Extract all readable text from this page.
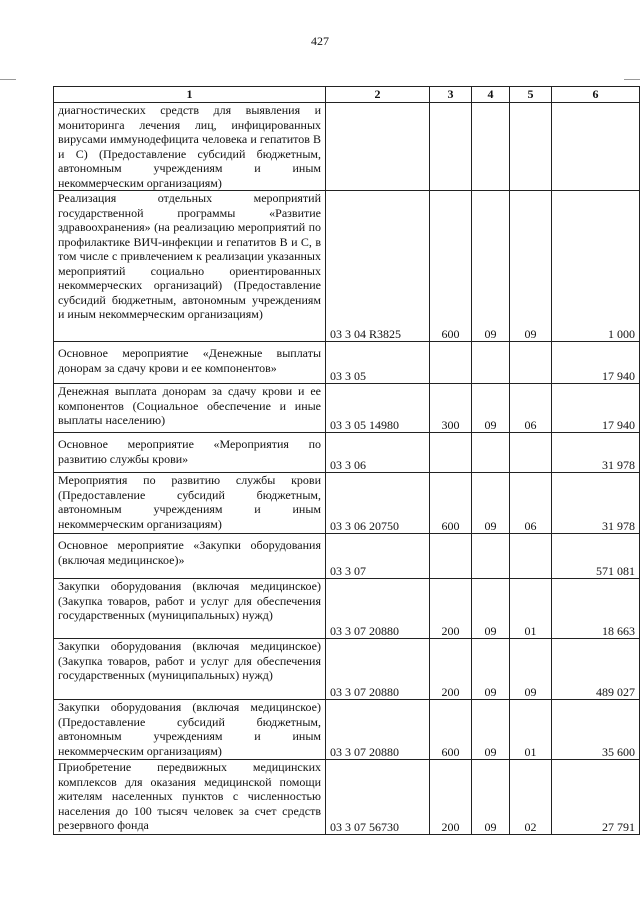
427
1	2	3	4	5	6
диагностических средств для выявления и мониторинга лечения лиц, инфицированных вирусами иммунодефицита человека и гепатитов В и С) (Предоставление субсидий бюджетным, автономным учреждениям и иным некоммерческим организациям)					
Реализация отдельных мероприятий государственной программы «Развитие здравоохранения» (на реализацию мероприятий по профилактике ВИЧ-инфекции и гепатитов В и С, в том числе с привлечением к реализации указанных мероприятий социально ориентированных некоммерческих организаций) (Предоставление субсидий бюджетным, автономным учреждениям и иным некоммерческим организациям)	03 3 04 R3825	600	09	09	1 000
Основное мероприятие «Денежные выплаты донорам за сдачу крови и ее компонентов»	03 3 05				17 940
Денежная выплата донорам за сдачу крови и ее компонентов (Социальное обеспечение и иные выплаты населению)	03 3 05 14980	300	09	06	17 940
Основное мероприятие «Мероприятия по развитию службы крови»	03 3 06				31 978
Мероприятия по развитию службы крови (Предоставление субсидий бюджетным, автономным учреждениям и иным некоммерческим организациям)	03 3 06 20750	600	09	06	31 978
Основное мероприятие «Закупки оборудования (включая медицинское)»	03 3 07				571 081
Закупки оборудования (включая медицинское) (Закупка товаров, работ и услуг для обеспечения государственных (муниципальных) нужд)	03 3 07 20880	200	09	01	18 663
Закупки оборудования (включая медицинское) (Закупка товаров, работ и услуг для обеспечения государственных (муниципальных) нужд)	03 3 07 20880	200	09	09	489 027
Закупки оборудования (включая медицинское) (Предоставление субсидий бюджетным, автономным учреждениям и иным некоммерческим организациям)	03 3 07 20880	600	09	01	35 600
Приобретение передвижных медицинских комплексов для оказания медицинской помощи жителям населенных пунктов с численностью населения до 100 тысяч человек за счет средств резервного фонда	03 3 07 56730	200	09	02	27 791
